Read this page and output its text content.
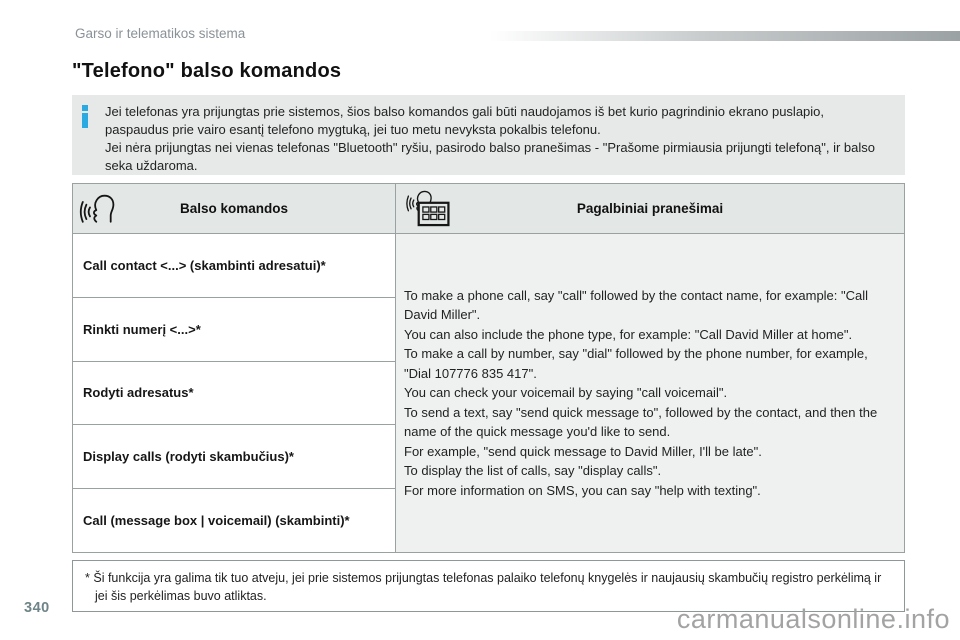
Garso ir telematikos sistema
"Telefono" balso komandos
Jei telefonas yra prijungtas prie sistemos, šios balso komandos gali būti naudojamos iš bet kurio pagrindinio ekrano puslapio, paspaudus prie vairo esantį telefono mygtuką, jei tuo metu nevyksta pokalbis telefonu.
Jei nėra prijungtas nei vienas telefonas "Bluetooth" ryšiu, pasirodo balso pranešimas - "Prašome pirmiausia prijungti telefoną", ir balso seka uždaroma.
Balso komandos	Pagalbiniai pranešimai
Call contact <...> (skambinti adresatui)*
Rinkti numerį <...>*
Rodyti adresatus*
Display calls (rodyti skambučius)*
Call (message box | voicemail) (skambinti)*
To make a phone call, say "call" followed by the contact name, for example: "Call David Miller".
You can also include the phone type, for example: "Call David Miller at home".
To make a call by number, say "dial" followed by the phone number, for example, "Dial 107776 835 417".
You can check your voicemail by saying "call voicemail".
To send a text, say "send quick message to", followed by the contact, and then the name of the quick message you'd like to send.
For example, "send quick message to David Miller, I'll be late".
To display the list of calls, say "display calls".
For more information on SMS, you can say "help with texting".
* Ši funkcija yra galima tik tuo atveju, jei prie sistemos prijungtas telefonas palaiko telefonų knygelės ir naujausių skambučių registro perkėlimą ir jei šis perkėlimas buvo atliktas.
340	carmanualsonline.info
